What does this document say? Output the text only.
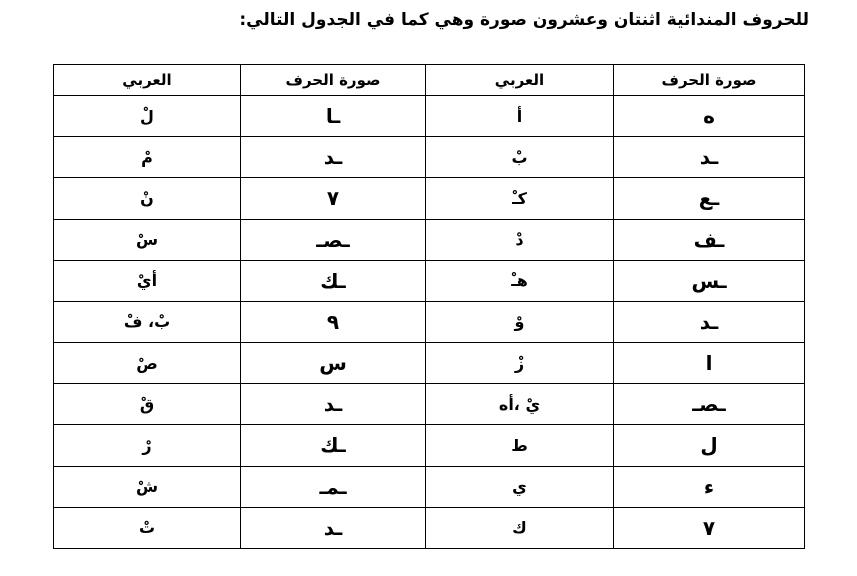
للحروف المندائية اثنتان وعشرون صورة وهي كما في الجدول التالي:
صورة الحرف	العربي	صورة الحرف	العربي
ه	أ	ـا	لْ
ـد	بْ	ـد	مْ
ـع	كـْ	٧	نْ
ـف	دْ	ـصـ	سْ
ـس	هـْ	ـك	أيْ
ـد	وْ	٩	بْ، فْ
ا	زْ	س	صْ
ـصـ	يْ ،أه	ـد	قْ
ل	ط	ـك	رْ
ء	ي	ـمـ	شْ
٧	ك	ـد	تْ
